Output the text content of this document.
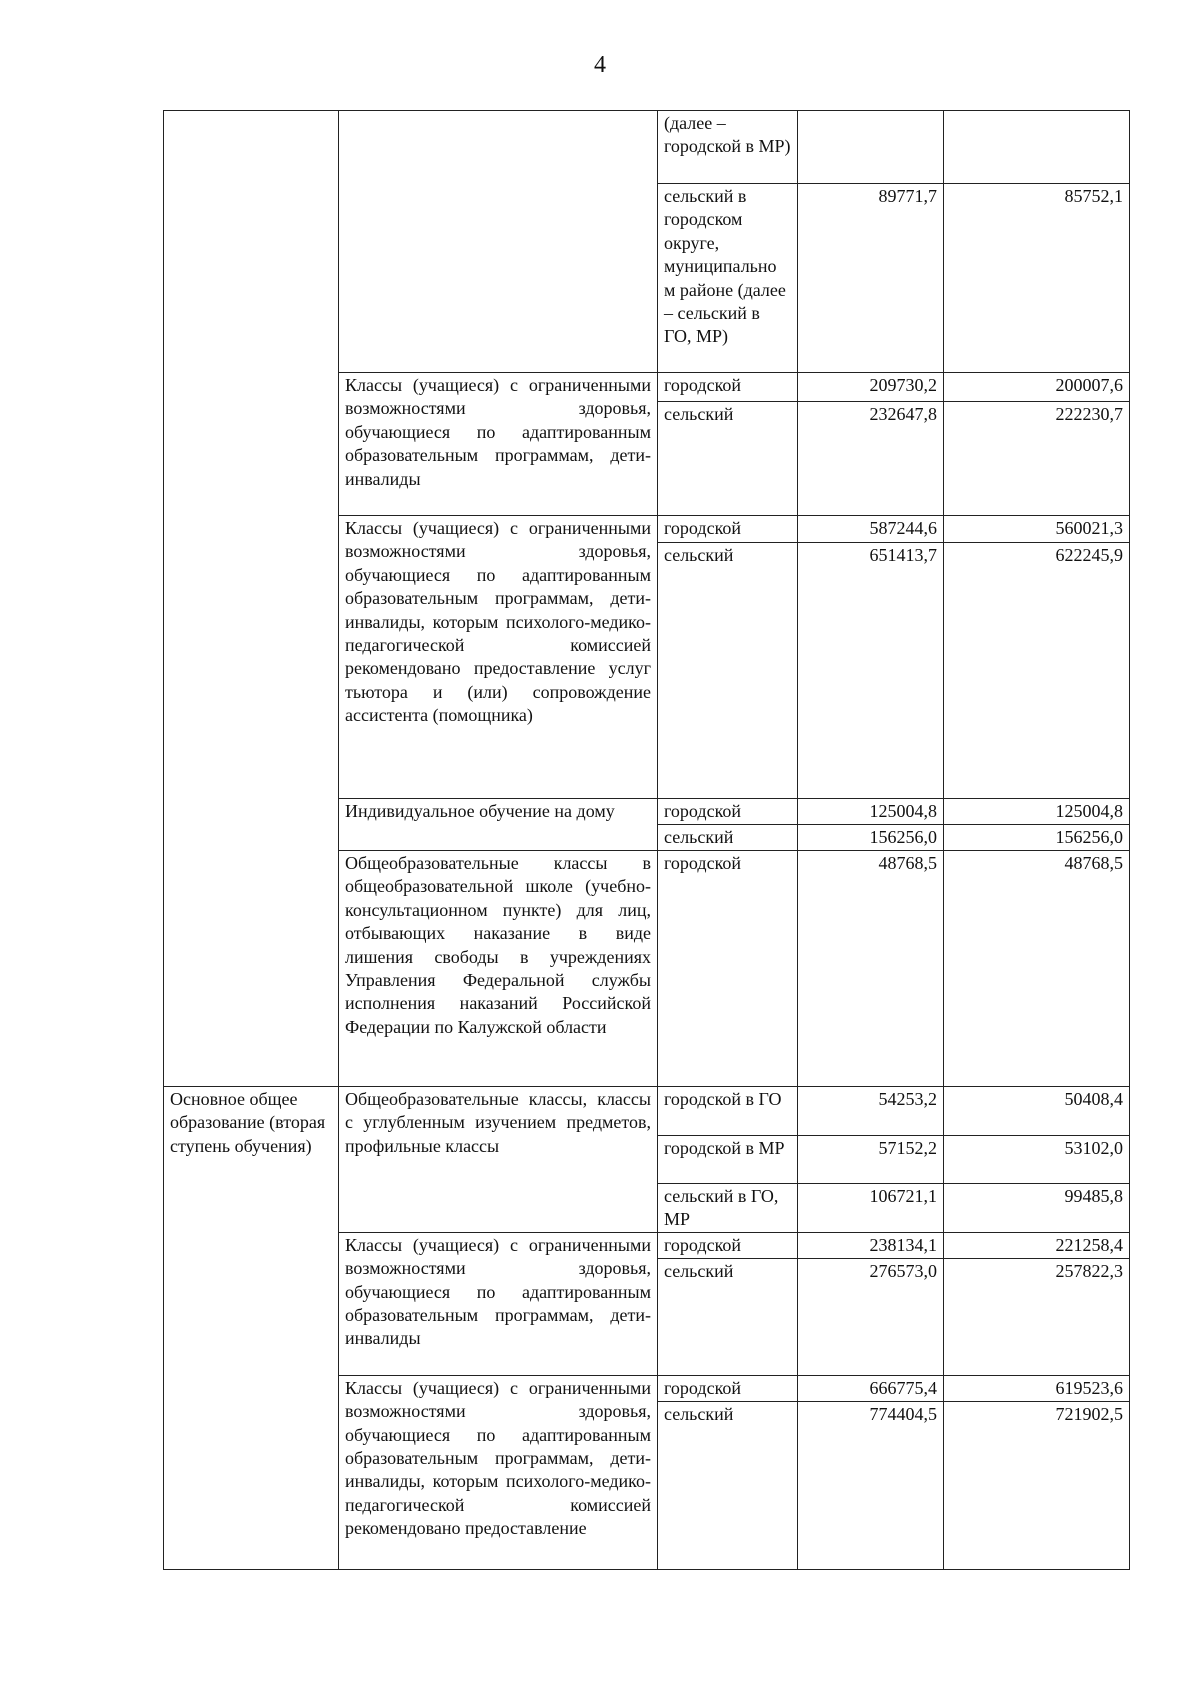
4
		(далее – городской в МР)		
		сельский в городском округе, муниципально м районе (далее – сельский в ГО, МР)	89771,7	85752,1
	Классы (учащиеся) с ограниченными возможностями здоровья, обучающиеся по адаптированным образовательным программам, дети-инвалиды	городской	209730,2	200007,6
		сельский	232647,8	222230,7
	Классы (учащиеся) с ограниченными возможностями здоровья, обучающиеся по адаптированным образовательным программам, дети-инвалиды, которым психолого-медико-педагогической комиссией рекомендовано предоставление услуг тьютора и (или) сопровождение ассистента (помощника)	городской	587244,6	560021,3
		сельский	651413,7	622245,9
	Индивидуальное обучение на дому	городской	125004,8	125004,8
		сельский	156256,0	156256,0
	Общеобразовательные классы в общеобразовательной школе (учебно-консультационном пункте) для лиц, отбывающих наказание в виде лишения свободы в учреждениях Управления Федеральной службы исполнения наказаний Российской Федерации по Калужской области	городской	48768,5	48768,5
Основное общее образование (вторая ступень обучения)	Общеобразовательные классы, классы с углубленным изучением предметов, профильные классы	городской в ГО	54253,2	50408,4
		городской в МР	57152,2	53102,0
		сельский в ГО, МР	106721,1	99485,8
	Классы (учащиеся) с ограниченными возможностями здоровья, обучающиеся по адаптированным образовательным программам, дети-инвалиды	городской	238134,1	221258,4
		сельский	276573,0	257822,3
	Классы (учащиеся) с ограниченными возможностями здоровья, обучающиеся по адаптированным образовательным программам, дети-инвалиды, которым психолого-медико-педагогической комиссией рекомендовано предоставление	городской	666775,4	619523,6
		сельский	774404,5	721902,5
